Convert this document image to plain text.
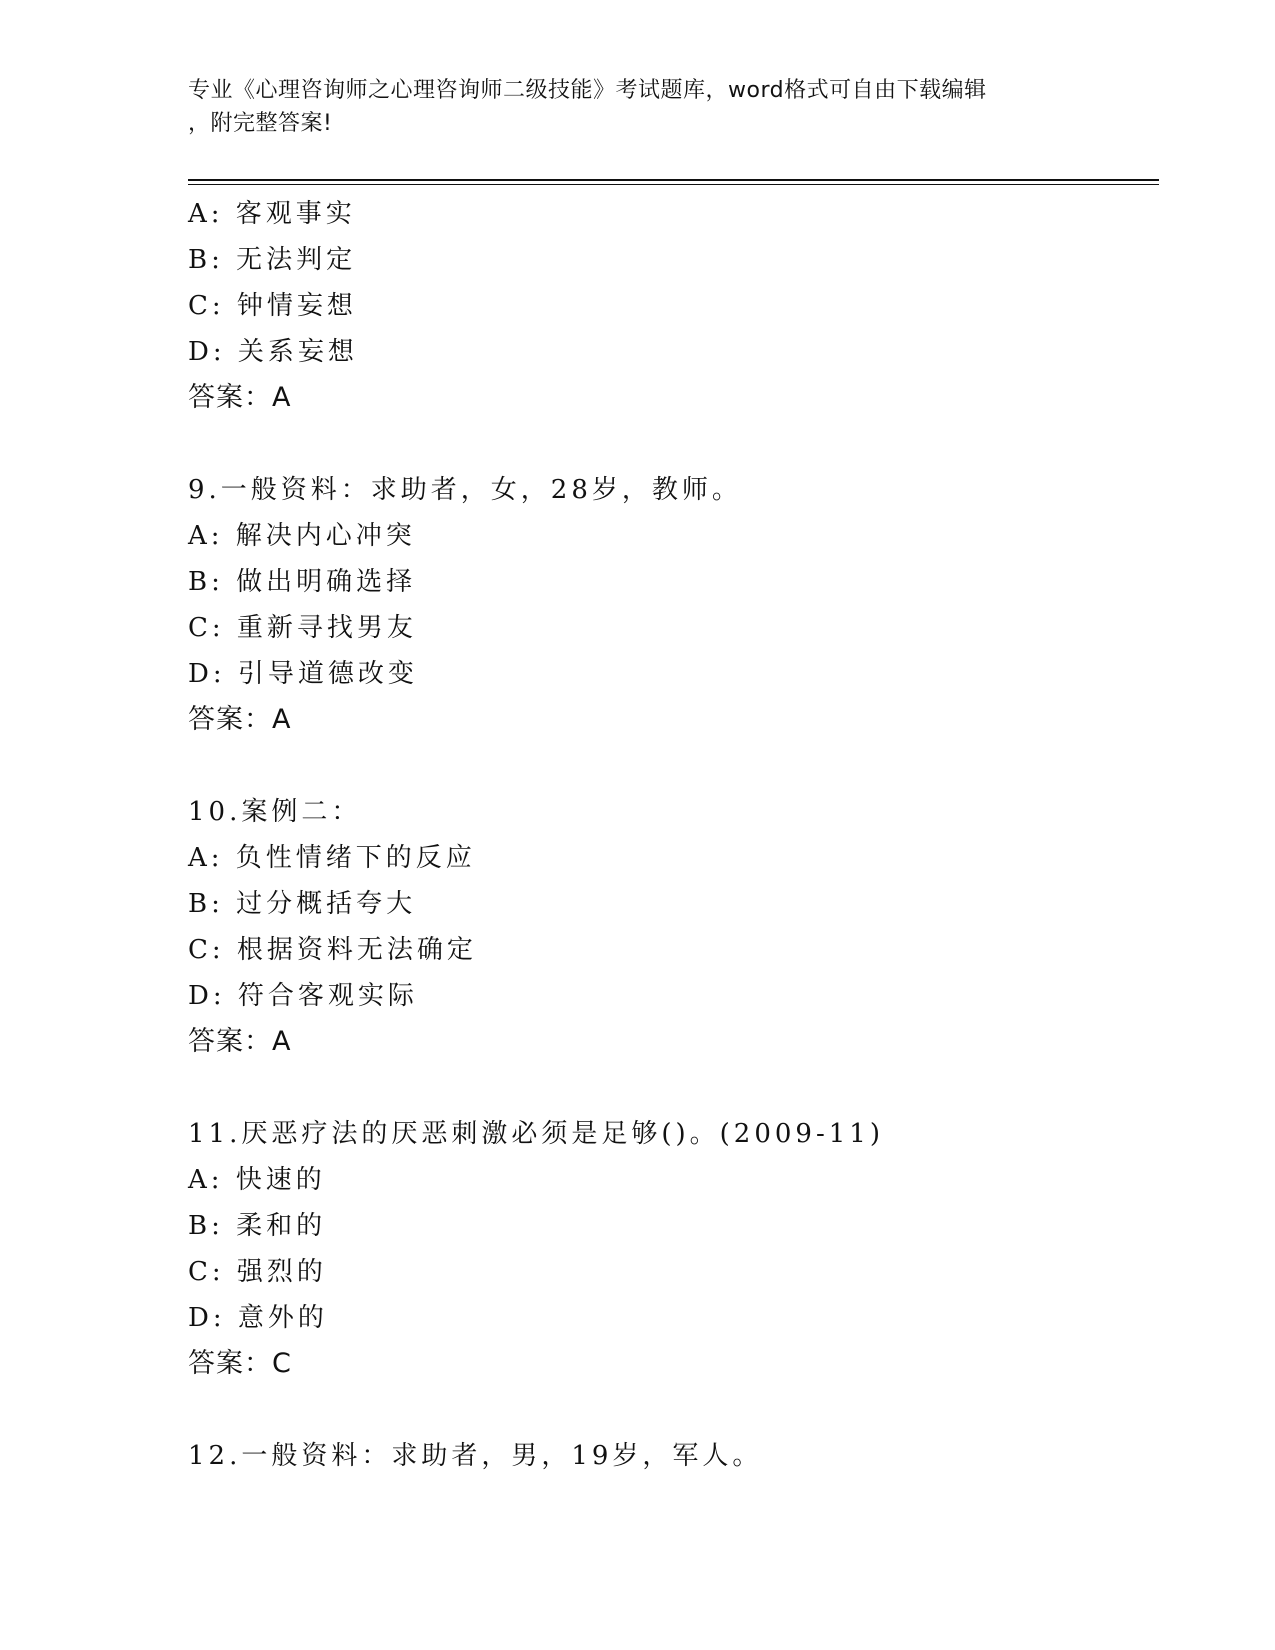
专业《心理咨询师之心理咨询师二级技能》考试题库，word格式可自由下载编辑
，附完整答案!
A: 客观事实
B: 无法判定
C: 钟情妄想
D: 关系妄想
答案：A
9.一般资料：求助者，女，28岁，教师。
A: 解决内心冲突
B: 做出明确选择
C: 重新寻找男友
D: 引导道德改变
答案：A
10.案例二：
A: 负性情绪下的反应
B: 过分概括夸大
C: 根据资料无法确定
D: 符合客观实际
答案：A
11.厌恶疗法的厌恶刺激必须是足够()。(2009-11)
A: 快速的
B: 柔和的
C: 强烈的
D: 意外的
答案：C
12.一般资料：求助者，男，19岁，军人。
